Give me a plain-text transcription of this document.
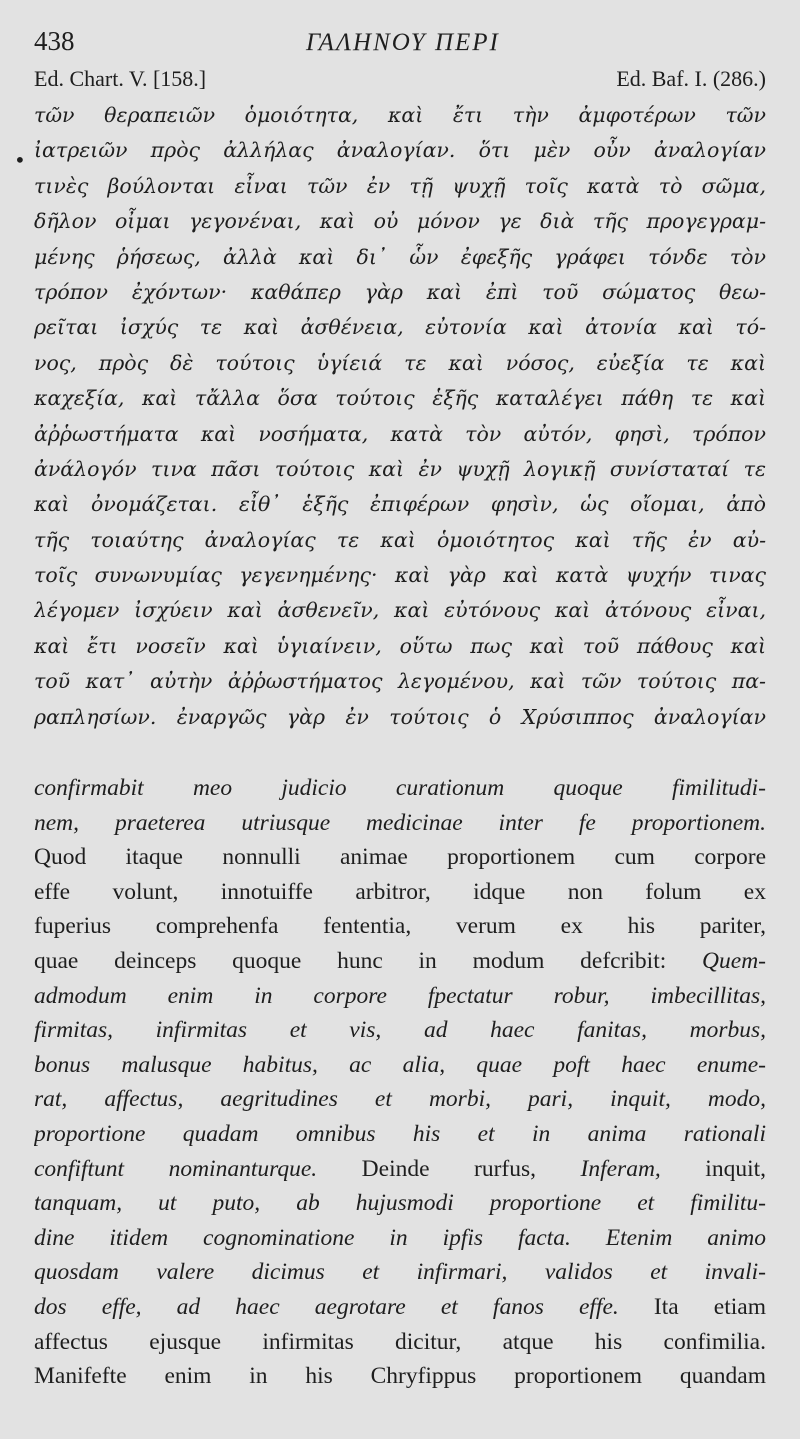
•
438	ΓΑΛΗΝΟΥ ΠΕΡΙ
Ed. Chart. V. [158.]	Ed. Baf. I. (286.)
τῶν θεραπειῶν ὁμοιότητα, καὶ ἔτι τὴν ἀμφοτέρων τῶν
ἰατρειῶν πρὸς ἀλλήλας ἀναλογίαν. ὅτι μὲν οὖν ἀναλογίαν
τινὲς βούλονται εἶναι τῶν ἐν τῇ ψυχῇ τοῖς κατὰ τὸ σῶμα,
δῆλον οἶμαι γεγονέναι, καὶ οὐ μόνον γε διὰ τῆς προγεγραμ-
μένης ῥήσεως, ἀλλὰ καὶ δι᾽ ὧν ἐφεξῆς γράφει τόνδε τὸν
τρόπον ἐχόντων· καθάπερ γὰρ καὶ ἐπὶ τοῦ σώματος θεω-
ρεῖται ἰσχύς τε καὶ ἀσθένεια, εὐτονία καὶ ἀτονία καὶ τό-
νος, πρὸς δὲ τούτοις ὑγίειά τε καὶ νόσος, εὐεξία τε καὶ
καχεξία, καὶ τἄλλα ὅσα τούτοις ἑξῆς καταλέγει πάθη τε καὶ
ἀῤῥωστήματα καὶ νοσήματα, κατὰ τὸν αὐτόν, φησὶ, τρόπον
ἀνάλογόν τινα πᾶσι τούτοις καὶ ἐν ψυχῇ λογικῇ συνίσταταί τε
καὶ ὀνομάζεται. εἶθ᾽ ἑξῆς ἐπιφέρων φησὶν, ὡς οἴομαι, ἀπὸ
τῆς τοιαύτης ἀναλογίας τε καὶ ὁμοιότητος καὶ τῆς ἐν αὐ-
τοῖς συνωνυμίας γεγενημένης· καὶ γὰρ καὶ κατὰ ψυχήν τινας
λέγομεν ἰσχύειν καὶ ἀσθενεῖν, καὶ εὐτόνους καὶ ἀτόνους εἶναι,
καὶ ἔτι νοσεῖν καὶ ὑγιαίνειν, οὕτω πως καὶ τοῦ πάθους καὶ
τοῦ κατ᾽ αὐτὴν ἀῤῥωστήματος λεγομένου, καὶ τῶν τούτοις πα-
ραπλησίων. ἐναργῶς γὰρ ἐν τούτοις ὁ Χρύσιππος ἀναλογίαν
confirmabit meo judicio curationum quoque fimilitudi-
nem, praeterea utriusque medicinae inter fe proportionem.
Quod itaque nonnulli animae proportionem cum corpore
effe volunt, innotuiffe arbitror, idque non folum ex
fuperius comprehenfa fententia, verum ex his pariter,
quae deinceps quoque hunc in modum defcribit: Quem-
admodum enim in corpore fpectatur robur, imbecillitas,
firmitas, infirmitas et vis, ad haec fanitas, morbus,
bonus malusque habitus, ac alia, quae poft haec enume-
rat, affectus, aegritudines et morbi, pari, inquit, modo,
proportione quadam omnibus his et in anima rationali
confiftunt nominanturque. Deinde rurfus, Inferam, inquit,
tanquam, ut puto, ab hujusmodi proportione et fimilitu-
dine itidem cognominatione in ipfis facta. Etenim animo
quosdam valere dicimus et infirmari, validos et invali-
dos effe, ad haec aegrotare et fanos effe. Ita etiam
affectus ejusque infirmitas dicitur, atque his confimilia.
Manifefte enim in his Chryfippus proportionem quandam
